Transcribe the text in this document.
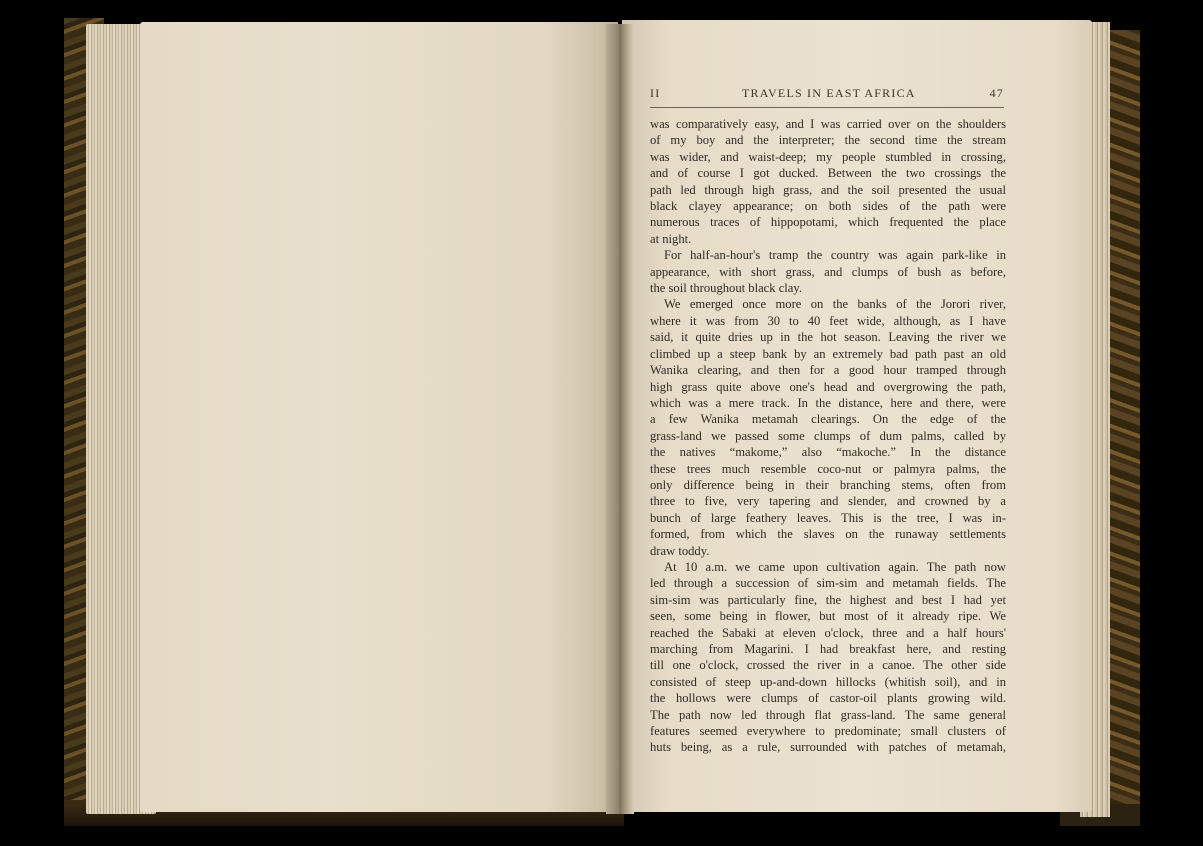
II	TRAVELS IN EAST AFRICA	47
was comparatively easy, and I was carried over on the shoulders
of my boy and the interpreter; the second time the stream
was wider, and waist-deep; my people stumbled in crossing,
and of course I got ducked. Between the two crossings the
path led through high grass, and the soil presented the usual
black clayey appearance; on both sides of the path were
numerous traces of hippopotami, which frequented the place
at night.
For half-an-hour's tramp the country was again park-like in
appearance, with short grass, and clumps of bush as before,
the soil throughout black clay.
We emerged once more on the banks of the Jorori river,
where it was from 30 to 40 feet wide, although, as I have
said, it quite dries up in the hot season. Leaving the river we
climbed up a steep bank by an extremely bad path past an old
Wanika clearing, and then for a good hour tramped through
high grass quite above one's head and overgrowing the path,
which was a mere track. In the distance, here and there, were
a few Wanika metamah clearings. On the edge of the
grass-land we passed some clumps of dum palms, called by
the natives “makome,” also “makoche.” In the distance
these trees much resemble coco-nut or palmyra palms, the
only difference being in their branching stems, often from
three to five, very tapering and slender, and crowned by a
bunch of large feathery leaves. This is the tree, I was in-
formed, from which the slaves on the runaway settlements
draw toddy.
At 10 a.m. we came upon cultivation again. The path now
led through a succession of sim-sim and metamah fields. The
sim-sim was particularly fine, the highest and best I had yet
seen, some being in flower, but most of it already ripe. We
reached the Sabaki at eleven o'clock, three and a half hours'
marching from Magarini. I had breakfast here, and resting
till one o'clock, crossed the river in a canoe. The other side
consisted of steep up-and-down hillocks (whitish soil), and in
the hollows were clumps of castor-oil plants growing wild.
The path now led through flat grass-land. The same general
features seemed everywhere to predominate; small clusters of
huts being, as a rule, surrounded with patches of metamah,
